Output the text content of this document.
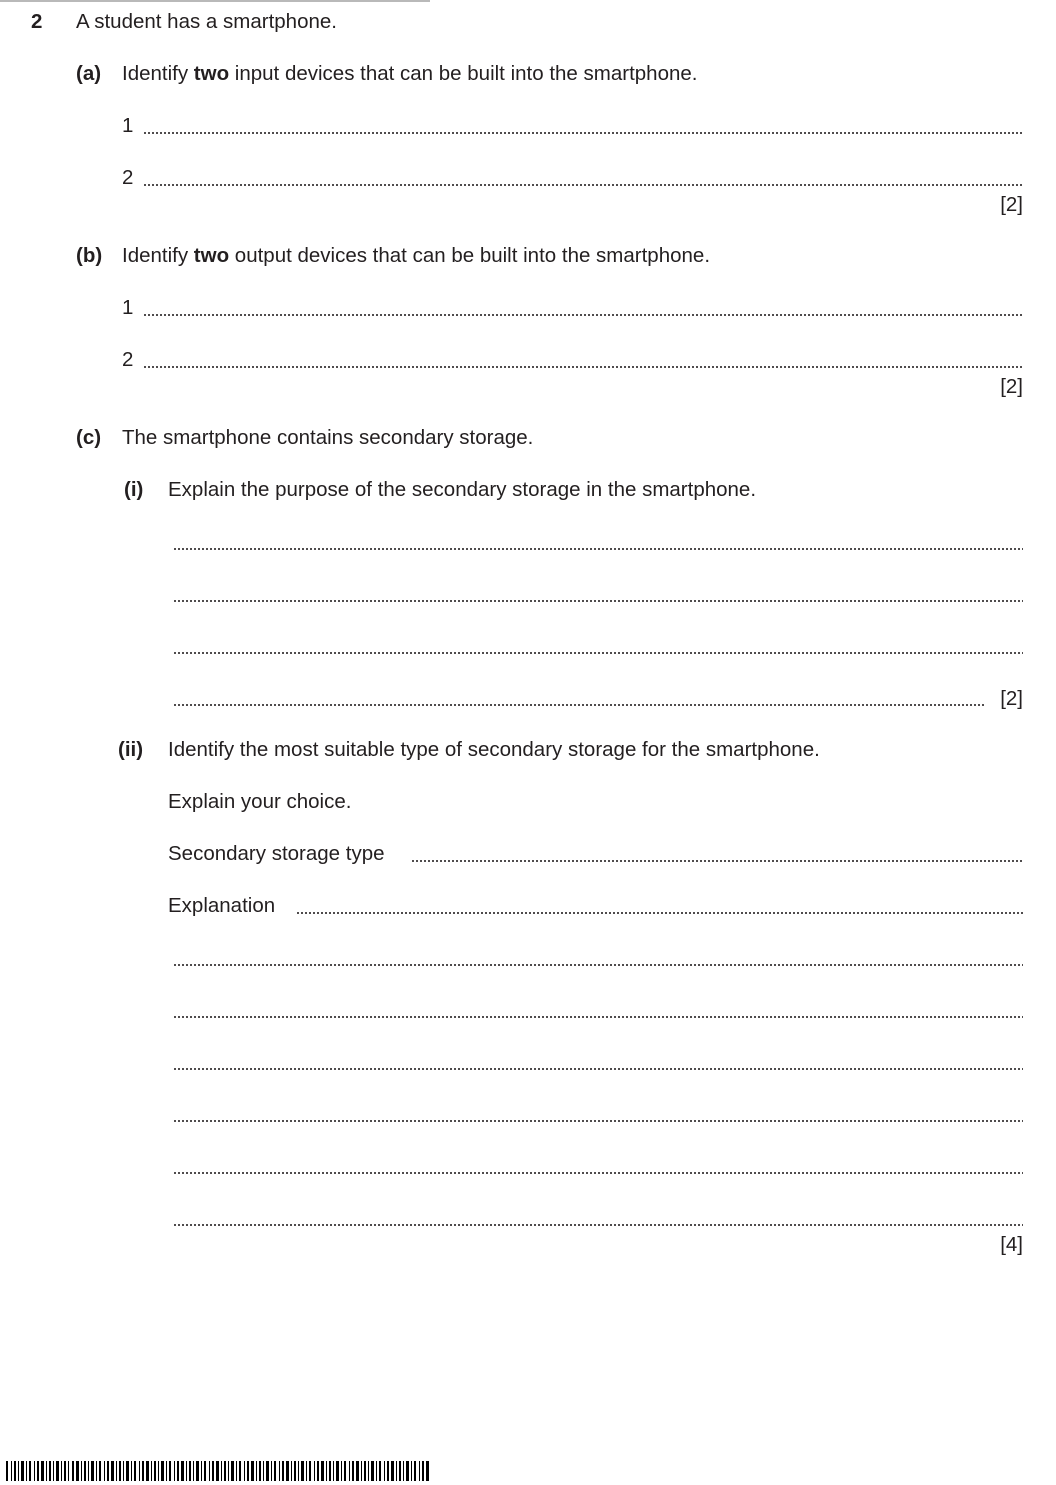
2 A student has a smartphone.
(a) Identify two input devices that can be built into the smartphone.
1
2
[2]
(b) Identify two output devices that can be built into the smartphone.
1
2
[2]
(c) The smartphone contains secondary storage.
(i) Explain the purpose of the secondary storage in the smartphone.
[2]
(ii) Identify the most suitable type of secondary storage for the smartphone.
Explain your choice.
Secondary storage type
Explanation
[4]
